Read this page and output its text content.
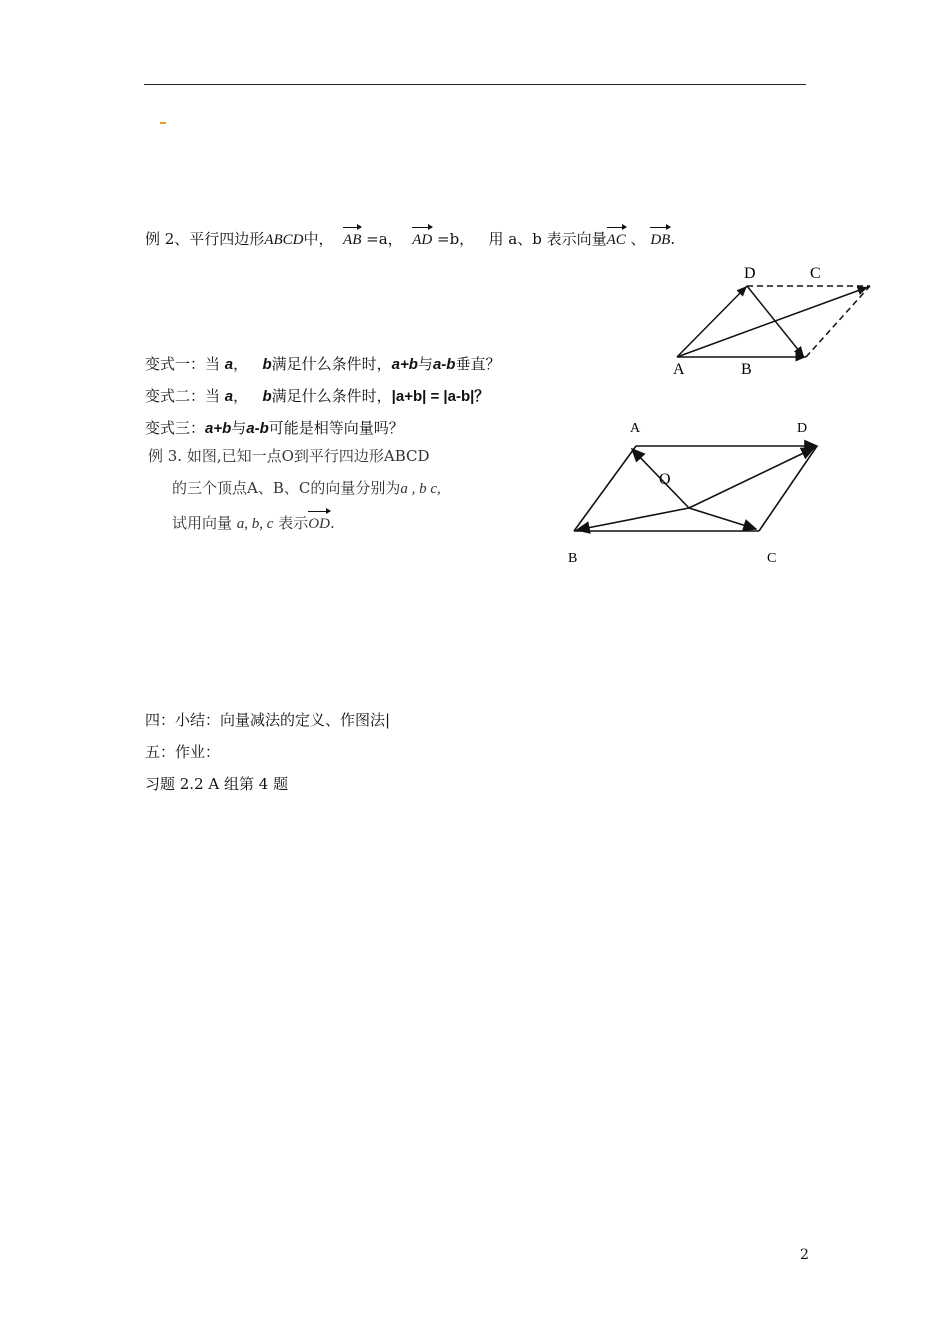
例 2、平行四边形ABCD中， AB =a， AD =b， 用 a、b 表示向量AC 、 DB.
D	C
A	B
变式一：当 a， b满足什么条件时，a+b与a-b垂直？
变式二：当 a， b满足什么条件时，|a+b| = |a-b|？
变式三：a+b与a-b可能是相等向量吗？
例 3. 如图,已知一点O到平行四边形ABCD
的三个顶点A、B、C的向量分别为a , b c,
试用向量 a, b, c 表示OD.
A	D
O
B	C
四：小结：向量减法的定义、作图法|
五：作业：
习题 2.2 A 组第 4 题
2
